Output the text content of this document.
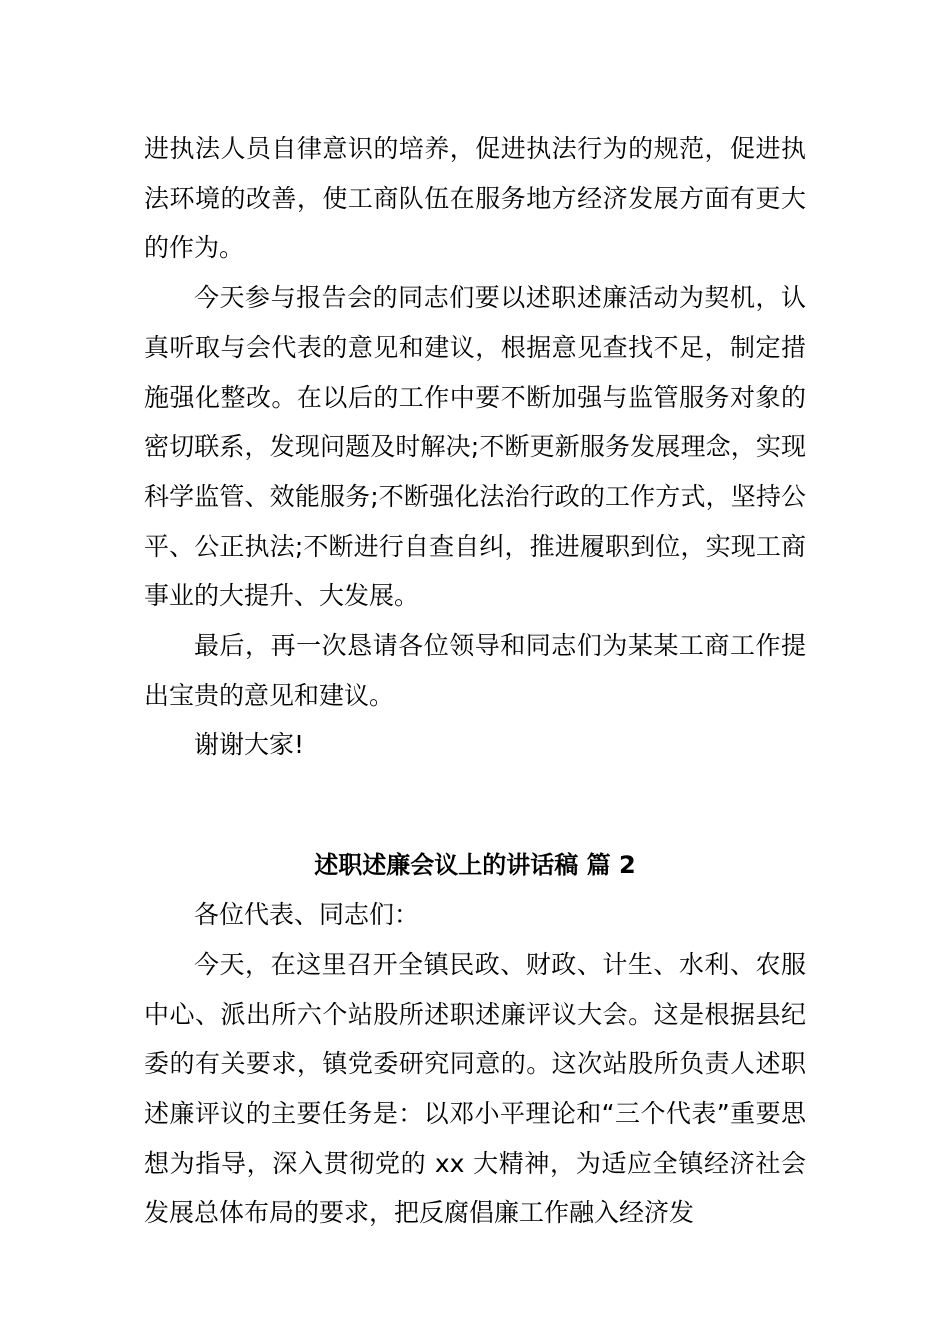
进执法人员自律意识的培养，促进执法行为的规范，促进执法环境的改善，使工商队伍在服务地方经济发展方面有更大的作为。

今天参与报告会的同志们要以述职述廉活动为契机，认真听取与会代表的意见和建议，根据意见查找不足，制定措施强化整改。在以后的工作中要不断加强与监管服务对象的密切联系，发现问题及时解决;不断更新服务发展理念，实现科学监管、效能服务;不断强化法治行政的工作方式，坚持公平、公正执法;不断进行自查自纠，推进履职到位，实现工商事业的大提升、大发展。

最后，再一次恳请各位领导和同志们为某某工商工作提出宝贵的意见和建议。

谢谢大家!

述职述廉会议上的讲话稿 篇 2

各位代表、同志们：

今天，在这里召开全镇民政、财政、计生、水利、农服中心、派出所六个站股所述职述廉评议大会。这是根据县纪委的有关要求，镇党委研究同意的。这次站股所负责人述职述廉评议的主要任务是：以邓小平理论和“三个代表”重要思想为指导，深入贯彻党的 xx 大精神，为适应全镇经济社会发展总体布局的要求，把反腐倡廉工作融入经济发
